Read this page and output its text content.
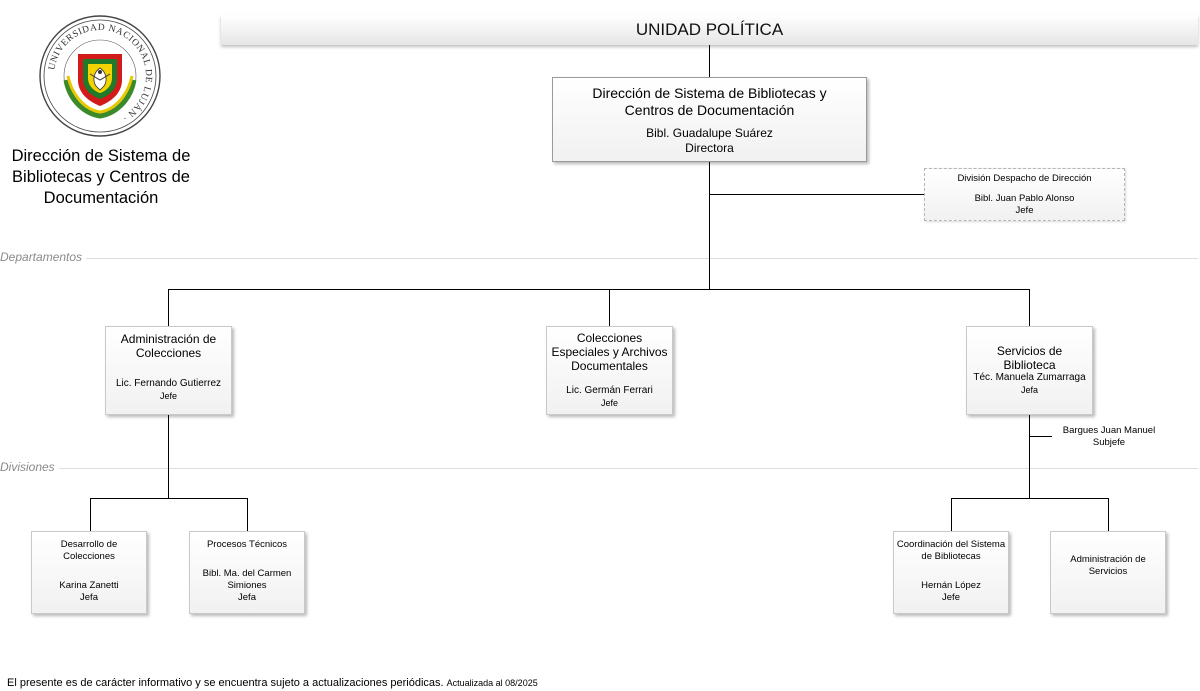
UNIVERSIDAD NACIONAL DE LUJÁN ·
Dirección de Sistema de
Bibliotecas y Centros de
Documentación
UNIDAD POLÍTICA
Departamentos
Divisiones
Dirección de Sistema de Bibliotecas y
Centros de Documentación
Bibl. Guadalupe Suárez
Directora
División Despacho de Dirección
Bibl. Juan Pablo Alonso
Jefe
Administración de
Colecciones
Lic. Fernando Gutierrez
Jefe
Colecciones
Especiales y Archivos
Documentales
Lic. Germán Ferrari
Jefe
Servicios de
Biblioteca
Téc. Manuela Zumarraga
Jefa
Bargues Juan Manuel
Subjefe
Desarrollo de
Colecciones
Karina Zanetti
Jefa
Procesos Técnicos
Bibl. Ma. del Carmen Simiones
Jefa
Coordinación del Sistema
de Bibliotecas
Hernán López
Jefe
Administración de
Servicios
El presente es de carácter informativo y se encuentra sujeto a actualizaciones periódicas. Actualizada al 08/2025
